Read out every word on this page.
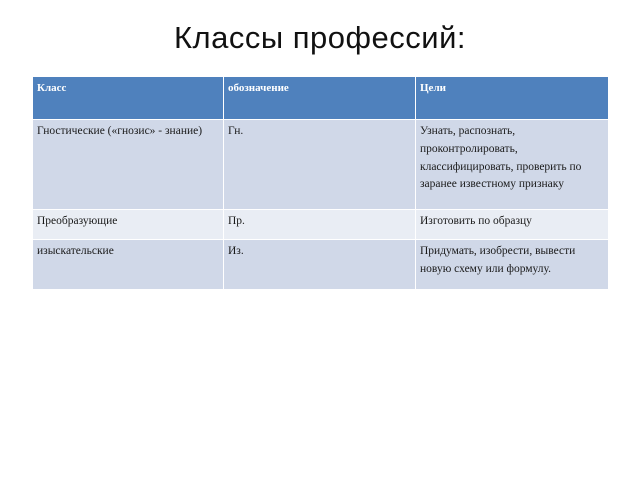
Классы профессий:
Класс	обозначение	Цели
Гностические («гнозис» - знание)	Гн.	Узнать, распознать, проконтролировать, классифицировать, проверить по заранее известному признаку
Преобразующие	Пр.	Изготовить по образцу
изыскательские	Из.	Придумать, изобрести, вывести новую схему или формулу.
